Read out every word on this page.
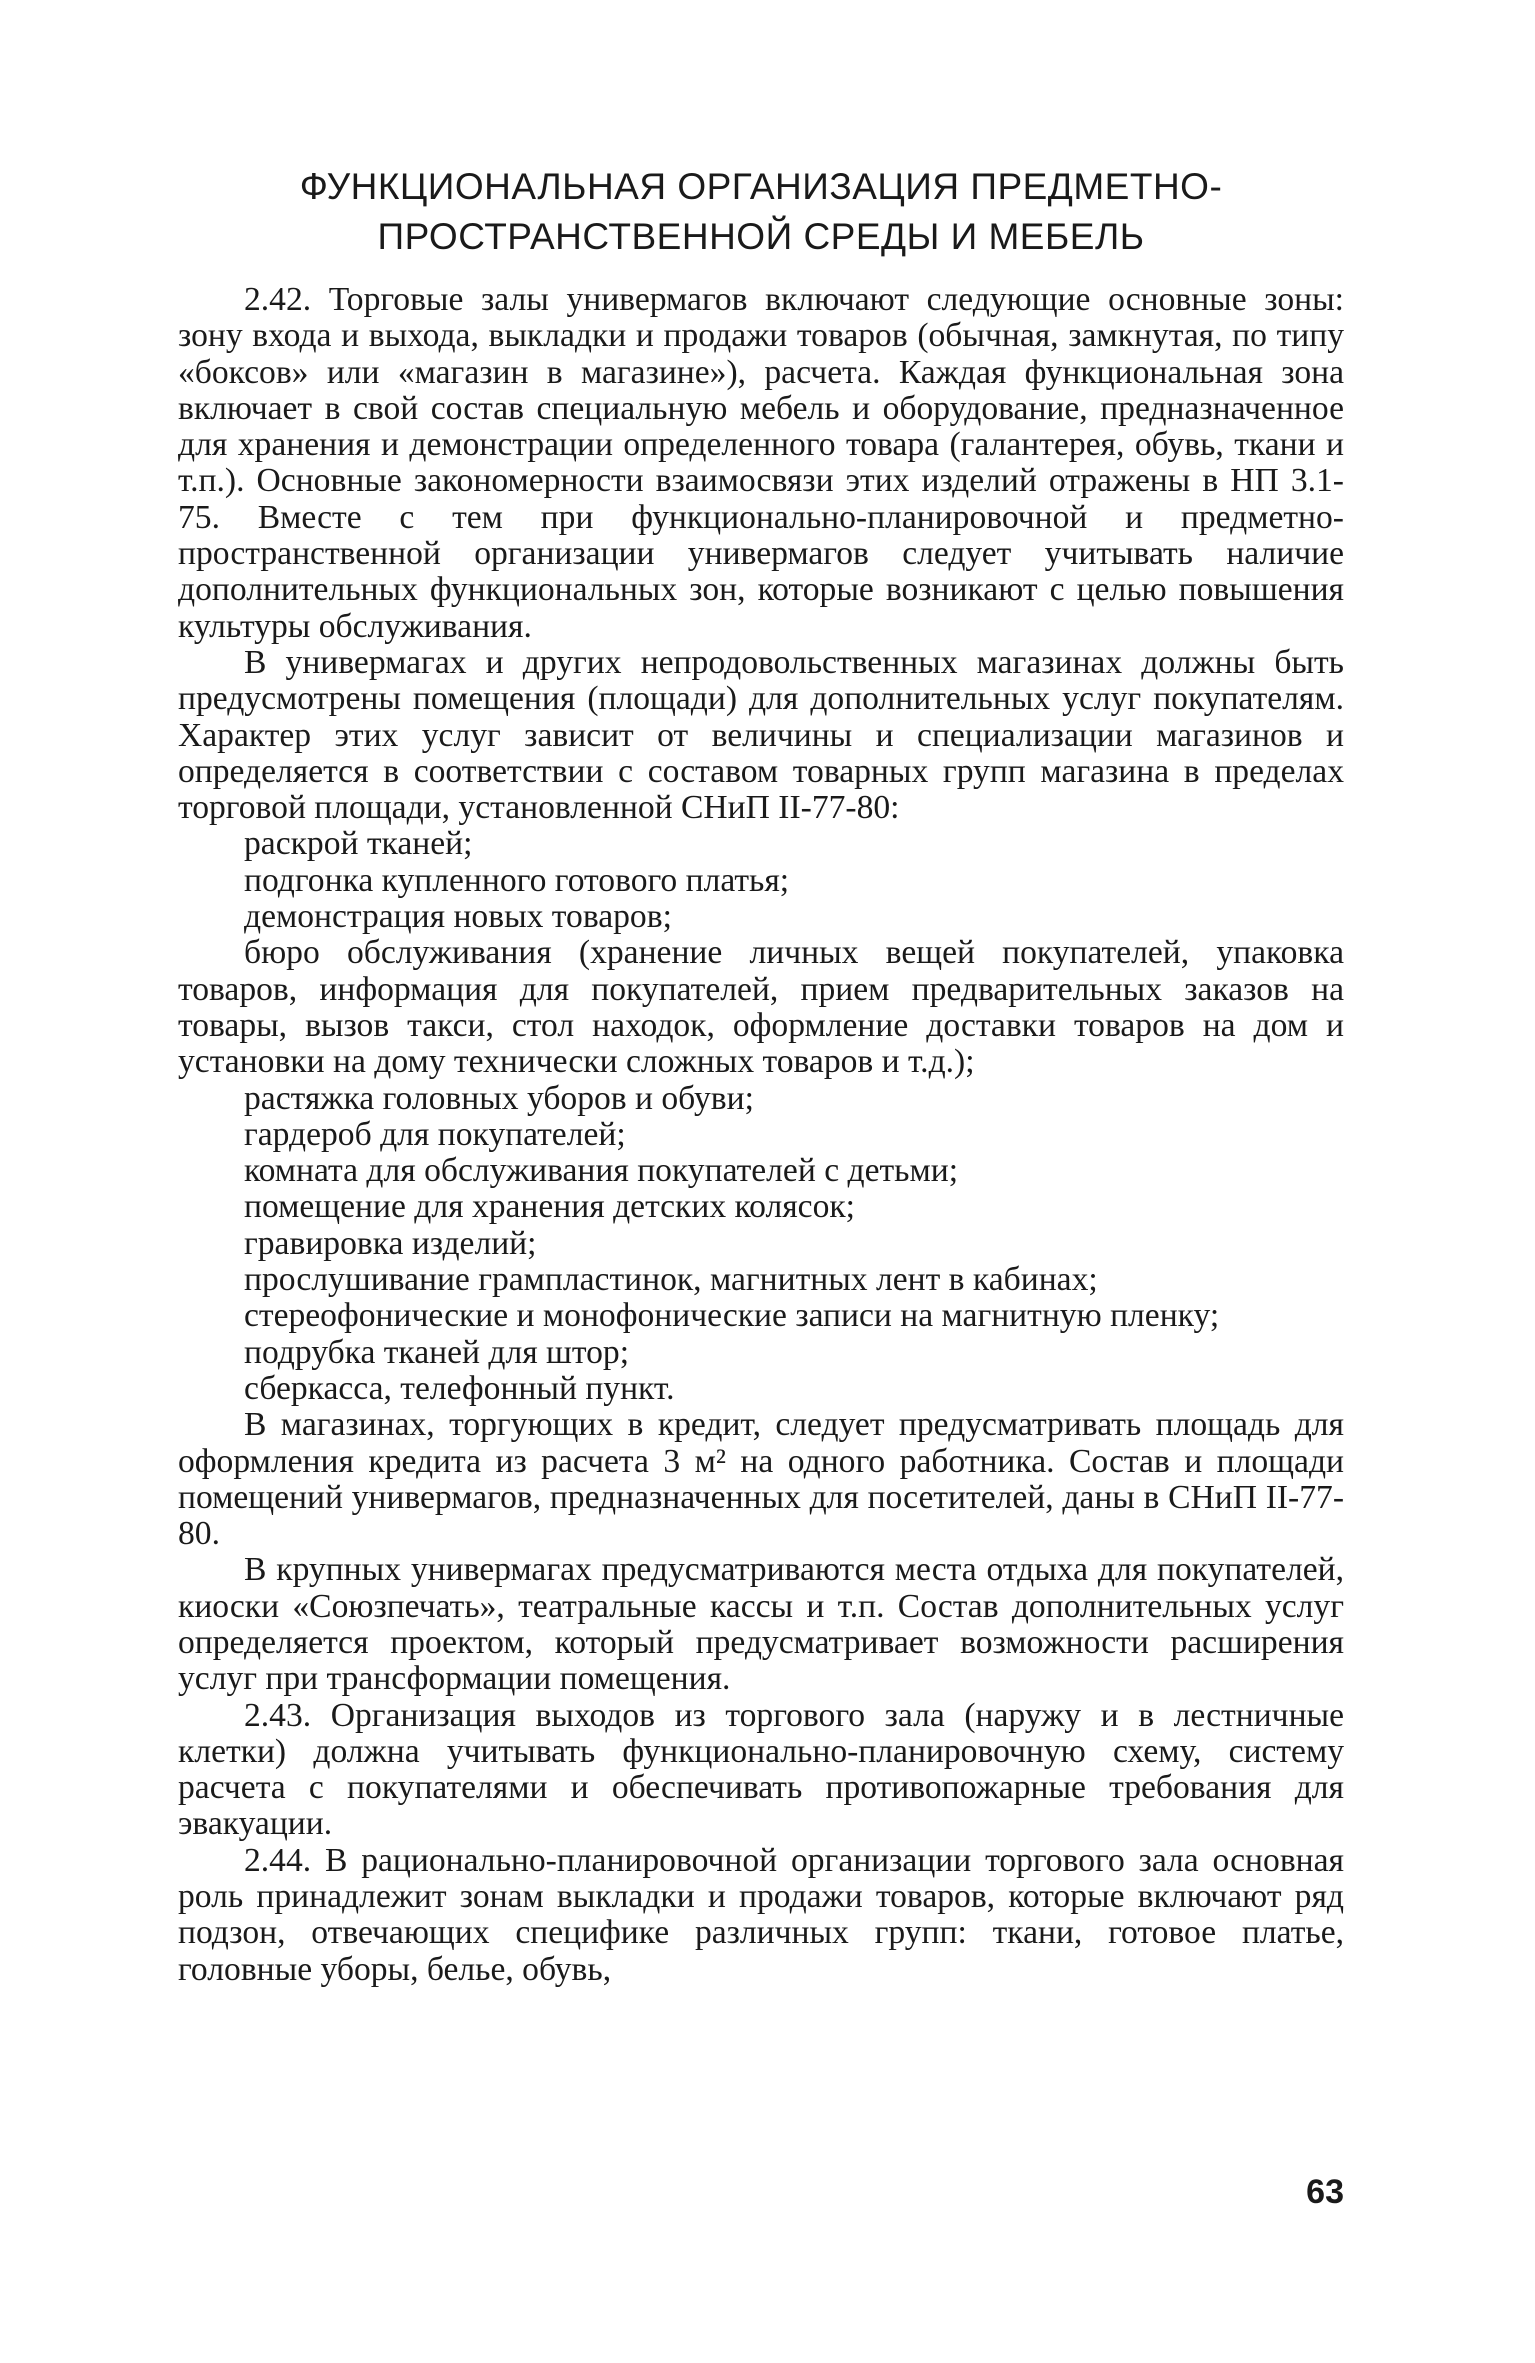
ФУНКЦИОНАЛЬНАЯ ОРГАНИЗАЦИЯ ПРЕДМЕТНО-
ПРОСТРАНСТВЕННОЙ СРЕДЫ И МЕБЕЛЬ

2.42. Торговые залы универмагов включают следующие основные зоны: зону входа и выхода, выкладки и продажи товаров (обычная, замкнутая, по типу «боксов» или «магазин в магазине»), расчета. Каждая функциональная зона включает в свой состав специальную мебель и оборудование, предназначенное для хранения и демонстрации определенного товара (галантерея, обувь, ткани и т.п.). Основные закономерности взаимосвязи этих изделий отражены в НП 3.1-75. Вместе с тем при функционально-планировочной и предметно-пространственной организации универмагов следует учитывать наличие дополнительных функциональных зон, которые возникают с целью повышения культуры обслуживания.

В универмагах и других непродовольственных магазинах должны быть предусмотрены помещения (площади) для дополнительных услуг покупателям. Характер этих услуг зависит от величины и специализации магазинов и определяется в соответствии с составом товарных групп магазина в пределах торговой площади, установленной СНиП II-77-80:

раскрой тканей;

подгонка купленного готового платья;

демонстрация новых товаров;

бюро обслуживания (хранение личных вещей покупателей, упаковка товаров, информация для покупателей, прием предварительных заказов на товары, вызов такси, стол находок, оформление доставки товаров на дом и установки на дому технически сложных товаров и т.д.);

растяжка головных уборов и обуви;

гардероб для покупателей;

комната для обслуживания покупателей с детьми;

помещение для хранения детских колясок;

гравировка изделий;

прослушивание грампластинок, магнитных лент в кабинах;

стереофонические и монофонические записи на магнитную пленку;

подрубка тканей для штор;

сберкасса, телефонный пункт.

В магазинах, торгующих в кредит, следует предусматривать площадь для оформления кредита из расчета 3 м² на одного работника. Состав и площади помещений универмагов, предназначенных для посетителей, даны в СНиП II-77-80.

В крупных универмагах предусматриваются места отдыха для покупателей, киоски «Союзпечать», театральные кассы и т.п. Состав дополнительных услуг определяется проектом, который предусматривает возможности расширения услуг при трансформации помещения.

2.43. Организация выходов из торгового зала (наружу и в лестничные клетки) должна учитывать функционально-планировочную схему, систему расчета с покупателями и обеспечивать противопожарные требования для эвакуации.

2.44. В рационально-планировочной организации торгового зала основная роль принадлежит зонам выкладки и продажи товаров, которые включают ряд подзон, отвечающих специфике различных групп: ткани, готовое платье, головные уборы, белье, обувь,

63
